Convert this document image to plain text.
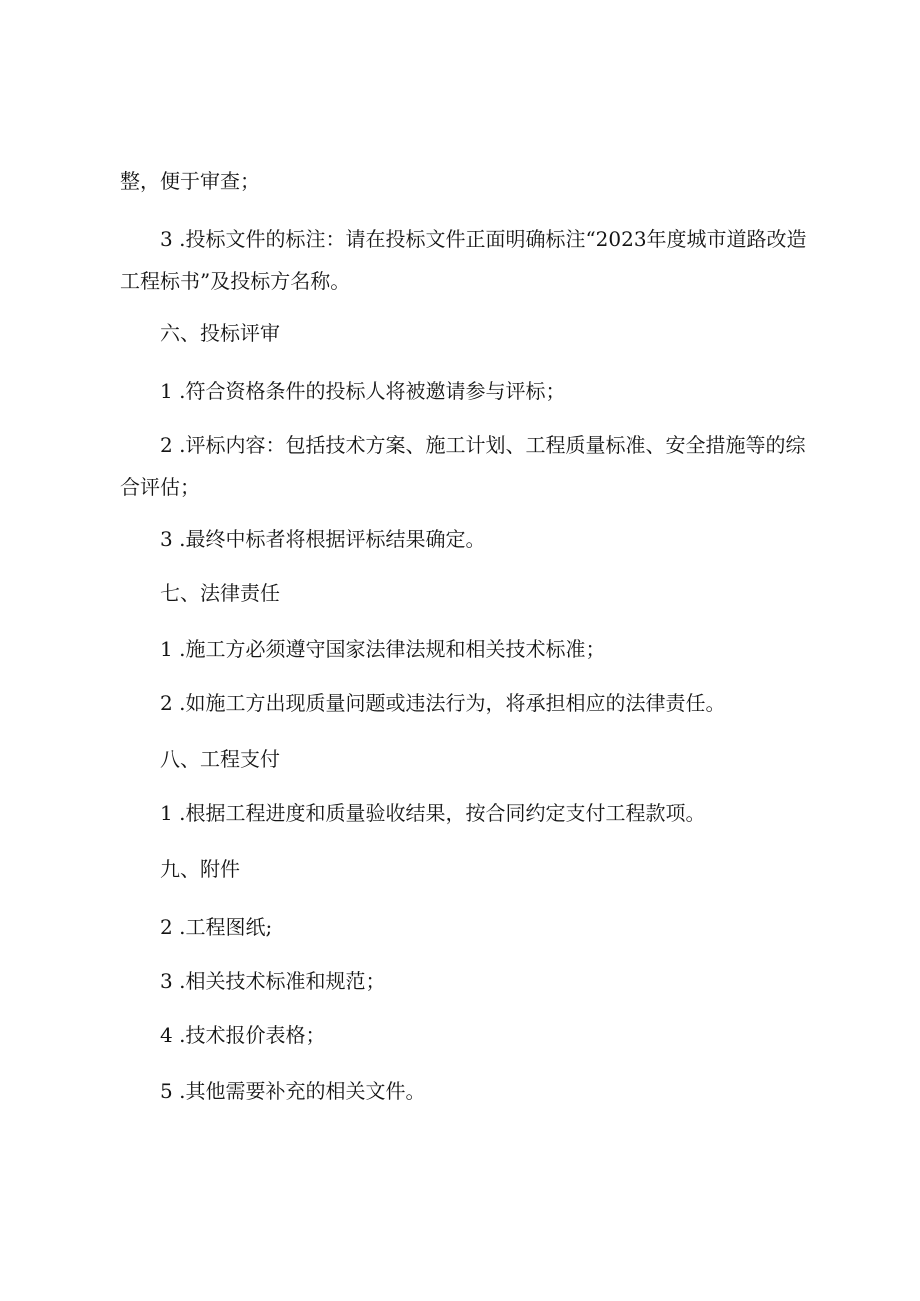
整，便于审查；

3 .投标文件的标注：请在投标文件正面明确标注“2023年度城市道路改造工程标书”及投标方名称。

六、投标评审

1 .符合资格条件的投标人将被邀请参与评标；

2 .评标内容：包括技术方案、施工计划、工程质量标准、安全措施等的综合评估；

3 .最终中标者将根据评标结果确定。

七、法律责任

1 .施工方必须遵守国家法律法规和相关技术标准；

2 .如施工方出现质量问题或违法行为，将承担相应的法律责任。

八、工程支付

1 .根据工程进度和质量验收结果，按合同约定支付工程款项。

九、附件

2 .工程图纸;

3 .相关技术标准和规范；

4 .技术报价表格；

5 .其他需要补充的相关文件。
